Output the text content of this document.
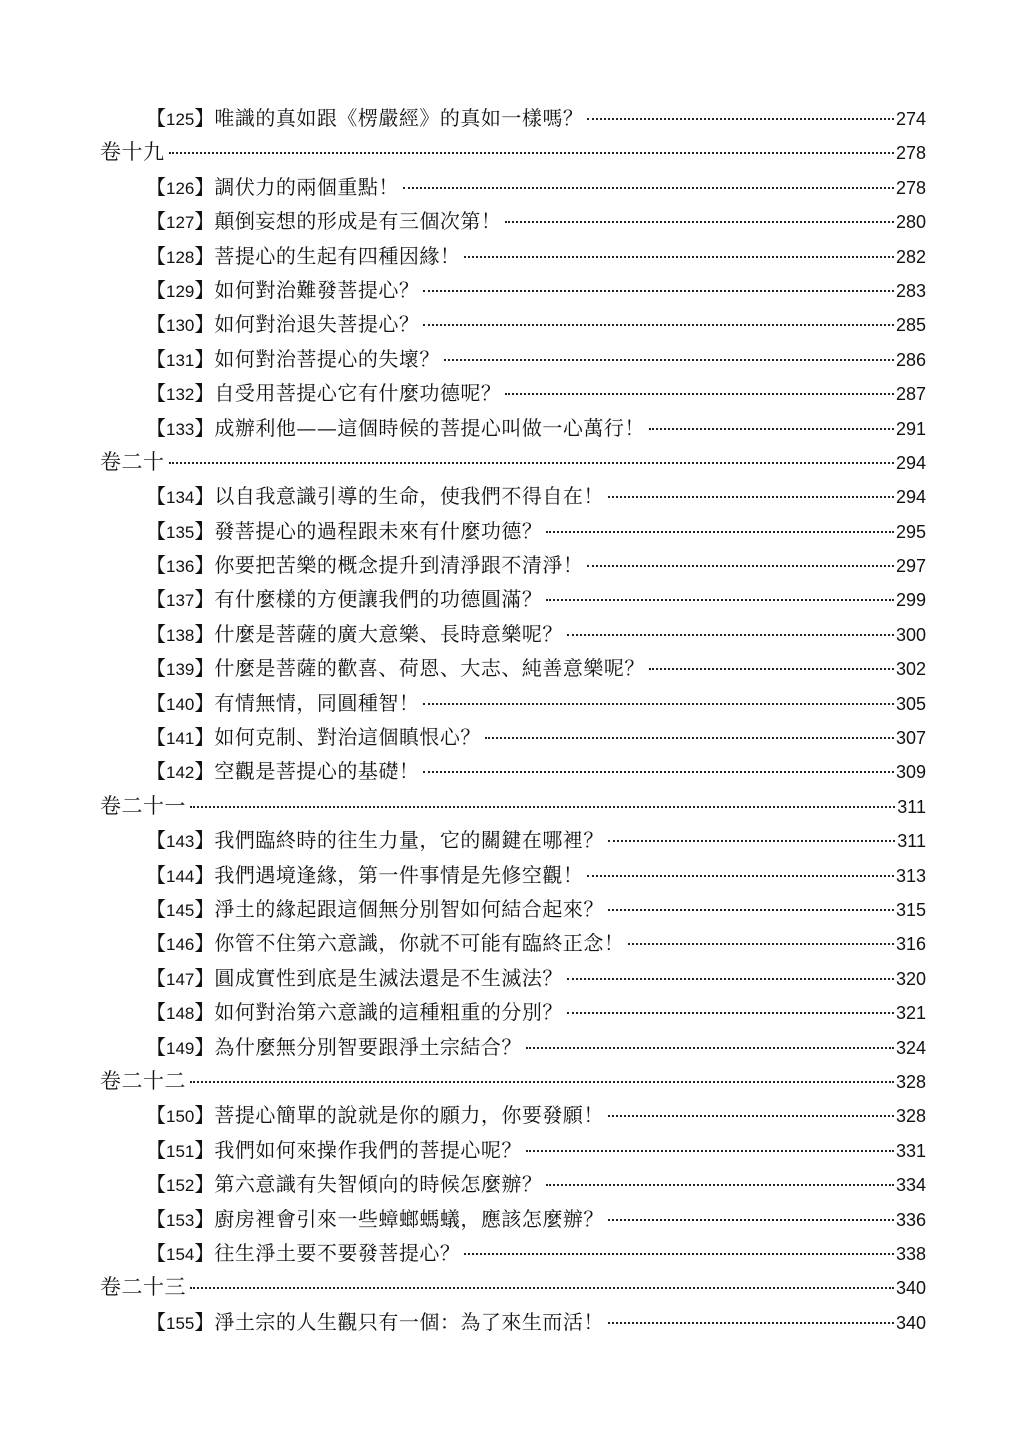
【 125 】 唯識的真如跟《楞嚴經》的真如一樣嗎？	274
卷十九	278
【 126 】 調伏力的兩個重點！	278
【 127 】 顛倒妄想的形成是有三個次第！	280
【 128 】 菩提心的生起有四種因緣！	282
【 129 】 如何對治難發菩提心？	283
【 130 】 如何對治退失菩提心？	285
【 131 】 如何對治菩提心的失壞？	286
【 132 】 自受用菩提心它有什麼功德呢？	287
【 133 】 成辦利他——這個時候的菩提心叫做一心萬行！	291
卷二十	294
【 134 】 以自我意識引導的生命，使我們不得自在！	294
【 135 】 發菩提心的過程跟未來有什麼功德？	295
【 136 】 你要把苦樂的概念提升到清淨跟不清淨！	297
【 137 】 有什麼樣的方便讓我們的功德圓滿？	299
【 138 】 什麼是菩薩的廣大意樂、長時意樂呢？	300
【 139 】 什麼是菩薩的歡喜、荷恩、大志、純善意樂呢？	302
【 140 】 有情無情，同圓種智！	305
【 141 】 如何克制、對治這個瞋恨心？	307
【 142 】 空觀是菩提心的基礎！	309
卷二十一	311
【 143 】 我們臨終時的往生力量，它的關鍵在哪裡？	311
【 144 】 我們遇境逢緣，第一件事情是先修空觀！	313
【 145 】 淨土的緣起跟這個無分別智如何結合起來？	315
【 146 】 你管不住第六意識，你就不可能有臨終正念！	316
【 147 】 圓成實性到底是生滅法還是不生滅法？	320
【 148 】 如何對治第六意識的這種粗重的分別？	321
【 149 】 為什麼無分別智要跟淨土宗結合？	324
卷二十二	328
【 150 】 菩提心簡單的說就是你的願力，你要發願！	328
【 151 】 我們如何來操作我們的菩提心呢？	331
【 152 】 第六意識有失智傾向的時候怎麼辦？	334
【 153 】 廚房裡會引來一些蟑螂螞蟻，應該怎麼辦？	336
【 154 】 往生淨土要不要發菩提心？	338
卷二十三	340
【 155 】 淨土宗的人生觀只有一個：為了來生而活！	340
